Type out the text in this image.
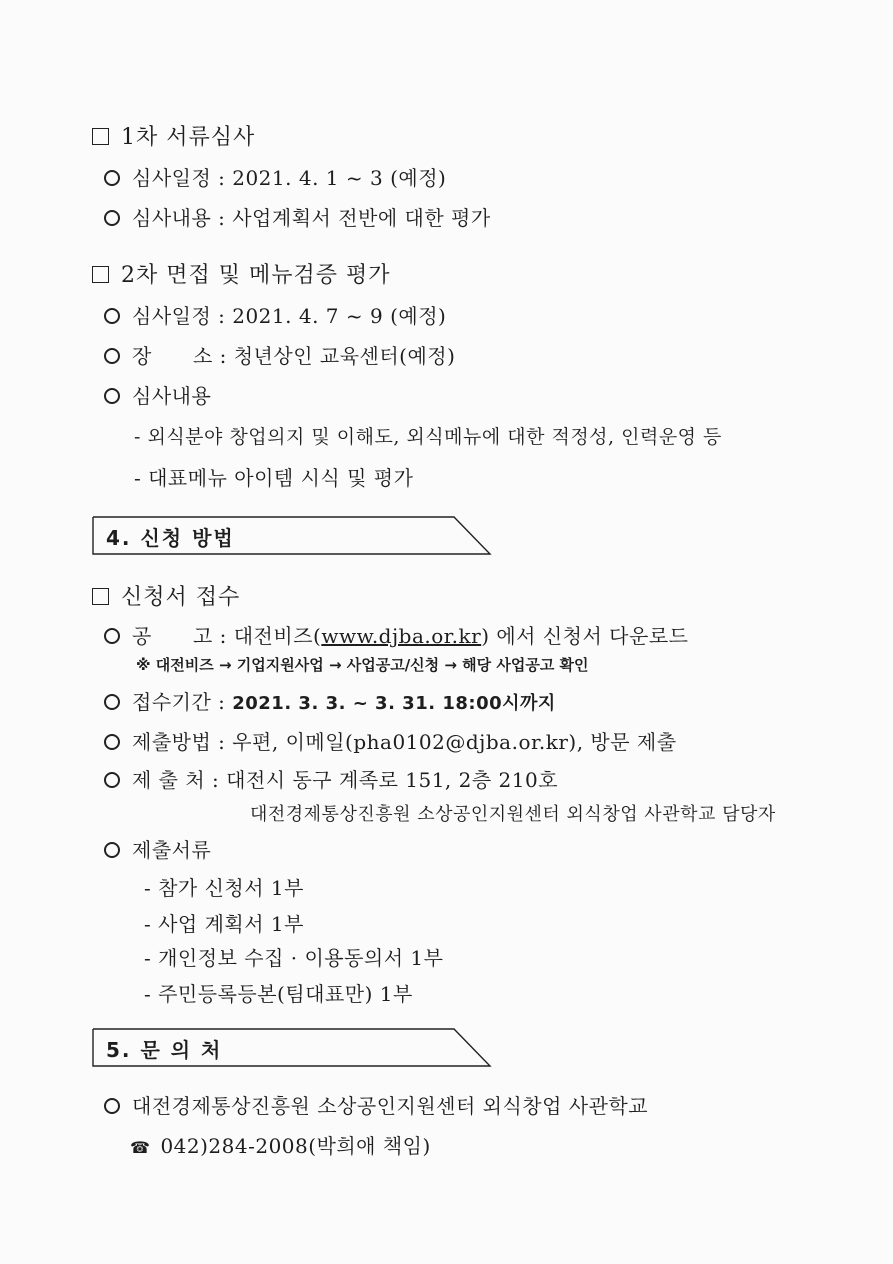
1차 서류심사
심사일정 : 2021. 4. 1 ~ 3 (예정)
심사내용 : 사업계획서 전반에 대한 평가
2차 면접 및 메뉴검증 평가
심사일정 : 2021. 4. 7 ~ 9 (예정)
장      소 : 청년상인 교육센터(예정)
심사내용
- 외식분야 창업의지 및 이해도, 외식메뉴에 대한 적정성, 인력운영 등
- 대표메뉴 아이템 시식 및 평가
4. 신청 방법
신청서 접수
공      고 : 대전비즈(www.djba.or.kr) 에서 신청서 다운로드
※ 대전비즈 → 기업지원사업 → 사업공고/신청 → 해당 사업공고 확인
접수기간 : 2021. 3. 3. ~ 3. 31. 18:00시까지
제출방법 : 우편, 이메일(pha0102@djba.or.kr), 방문 제출
제 출 처 : 대전시 동구 계족로 151, 2층 210호
대전경제통상진흥원 소상공인지원센터 외식창업 사관학교 담당자
제출서류
- 참가 신청서 1부
- 사업 계획서 1부
- 개인정보 수집 · 이용동의서 1부
- 주민등록등본(팀대표만) 1부
5. 문 의 처
대전경제통상진흥원 소상공인지원센터 외식창업 사관학교
☎ 042)284-2008(박희애 책임)
